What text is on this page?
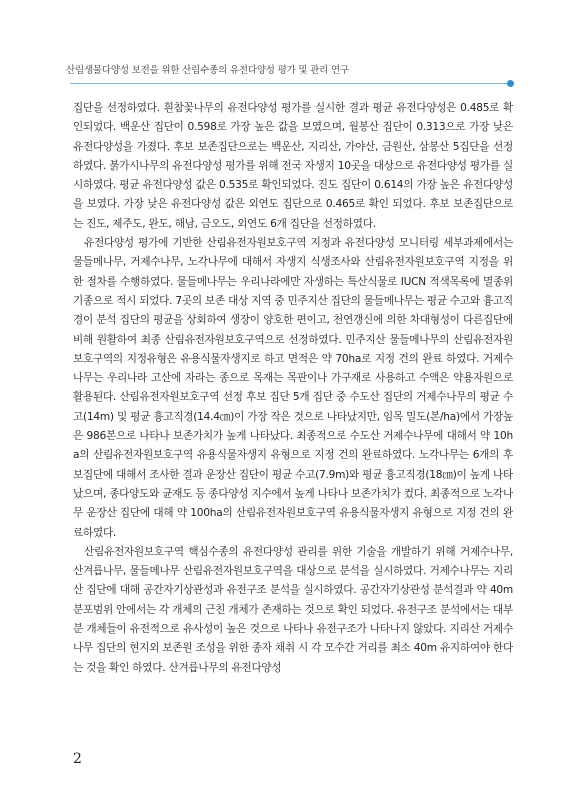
산림생물다양성 보전을 위한 산림수종의 유전다양성 평가 및 관리 연구

집단을 선정하였다. 흰참꽃나무의 유전다양성 평가를 실시한 결과 평균 유전다양성은 0.485로 확인되었다. 백운산 집단이 0.598로 가장 높은 값을 보였으며, 월봉산 집단이 0.313으로 가장 낮은 유전다양성을 가졌다. 후보 보존집단으로는 백운산, 지리산, 가야산, 금원산, 삼봉산 5집단을 선정하였다. 붉가시나무의 유전다양성 평가를 위해 전국 자생지 10곳을 대상으로 유전다양성 평가를 실시하였다. 평균 유전다양성 값은 0.535로 확인되었다. 진도 집단이 0.614의 가장 높은 유전다양성을 보였다. 가장 낮은 유전다양성 값은 외연도 집단으로 0.465로 확인 되었다. 후보 보존집단으로는 진도, 제주도, 완도, 해남, 금오도, 외연도 6개 집단을 선정하였다.

유전다양성 평가에 기반한 산림유전자원보호구역 지정과 유전다양성 모니터링 세부과제에서는 물들메나무, 거제수나무, 노각나무에 대해서 자생지 식생조사와 산림유전자원보호구역 지정을 위한 절차를 수행하였다. 물들메나무는 우리나라에만 자생하는 특산식물로 IUCN 적색목록에 멸종위기종으로 적시 되었다. 7곳의 보존 대상 지역 중 민주지산 집단의 물들메나무는 평균 수고와 흉고직경이 분석 집단의 평균을 상회하여 생장이 양호한 편이고, 천연갱신에 의한 차대형성이 다른집단에 비해 원활하여 최종 산림유전자원보호구역으로 선정하였다. 민주지산 물들메나무의 산림유전자원보호구역의 지정유형은 유용식물자생지로 하고 면적은 약 70ha로 지정 건의 완료 하였다. 거제수나무는 우리나라 고산에 자라는 종으로 목재는 목판이나 가구재로 사용하고 수액은 약용자원으로 활용된다. 산림유전자원보호구역 선정 후보 집단 5개 집단 중 수도산 집단의 거제수나무의 평균 수고(14m) 및 평균 흉고직경(14.4㎝)이 가장 작은 것으로 나타났지만, 임목 밀도(본/ha)에서 가장높은 986본으로 나타나 보존가치가 높게 나타났다. 최종적으로 수도산 거제수나무에 대해서 약 10ha의 산림유전자원보호구역 유용식물자생지 유형으로 지정 건의 완료하였다. 노각나무는 6개의 후보집단에 대해서 조사한 결과 운장산 집단이 평균 수고(7.9m)와 평균 흉고직경(18㎝)이 높게 나타났으며, 종다양도와 균재도 등 종다양성 지수에서 높게 나타나 보존가치가 컸다. 최종적으로 노각나무 운장산 집단에 대해 약 100ha의 산림유전자원보호구역 유용식물자생지 유형으로 지정 건의 완료하였다.

산림유전자원보호구역 핵심수종의 유전다양성 관리를 위한 기술을 개발하기 위해 거제수나무, 산겨릅나무, 물들메나무 산림유전자원보호구역을 대상으로 분석을 실시하였다. 거제수나무는 지리산 집단에 대해 공간자기상관성과 유전구조 분석을 실시하였다. 공간자기상관성 분석결과 약 40m 분포범위 안에서는 각 개체의 근친 개체가 존재하는 것으로 확인 되었다. 유전구조 분석에서는 대부분 개체들이 유전적으로 유사성이 높은 것으로 나타나 유전구조가 나타나지 않았다. 지리산 거제수나무 집단의 현지외 보존원 조성을 위한 종자 채취 시 각 모수간 거리를 최소 40m 유지하여야 한다는 것을 확인 하였다. 산겨릅나무의 유전다양성

2
